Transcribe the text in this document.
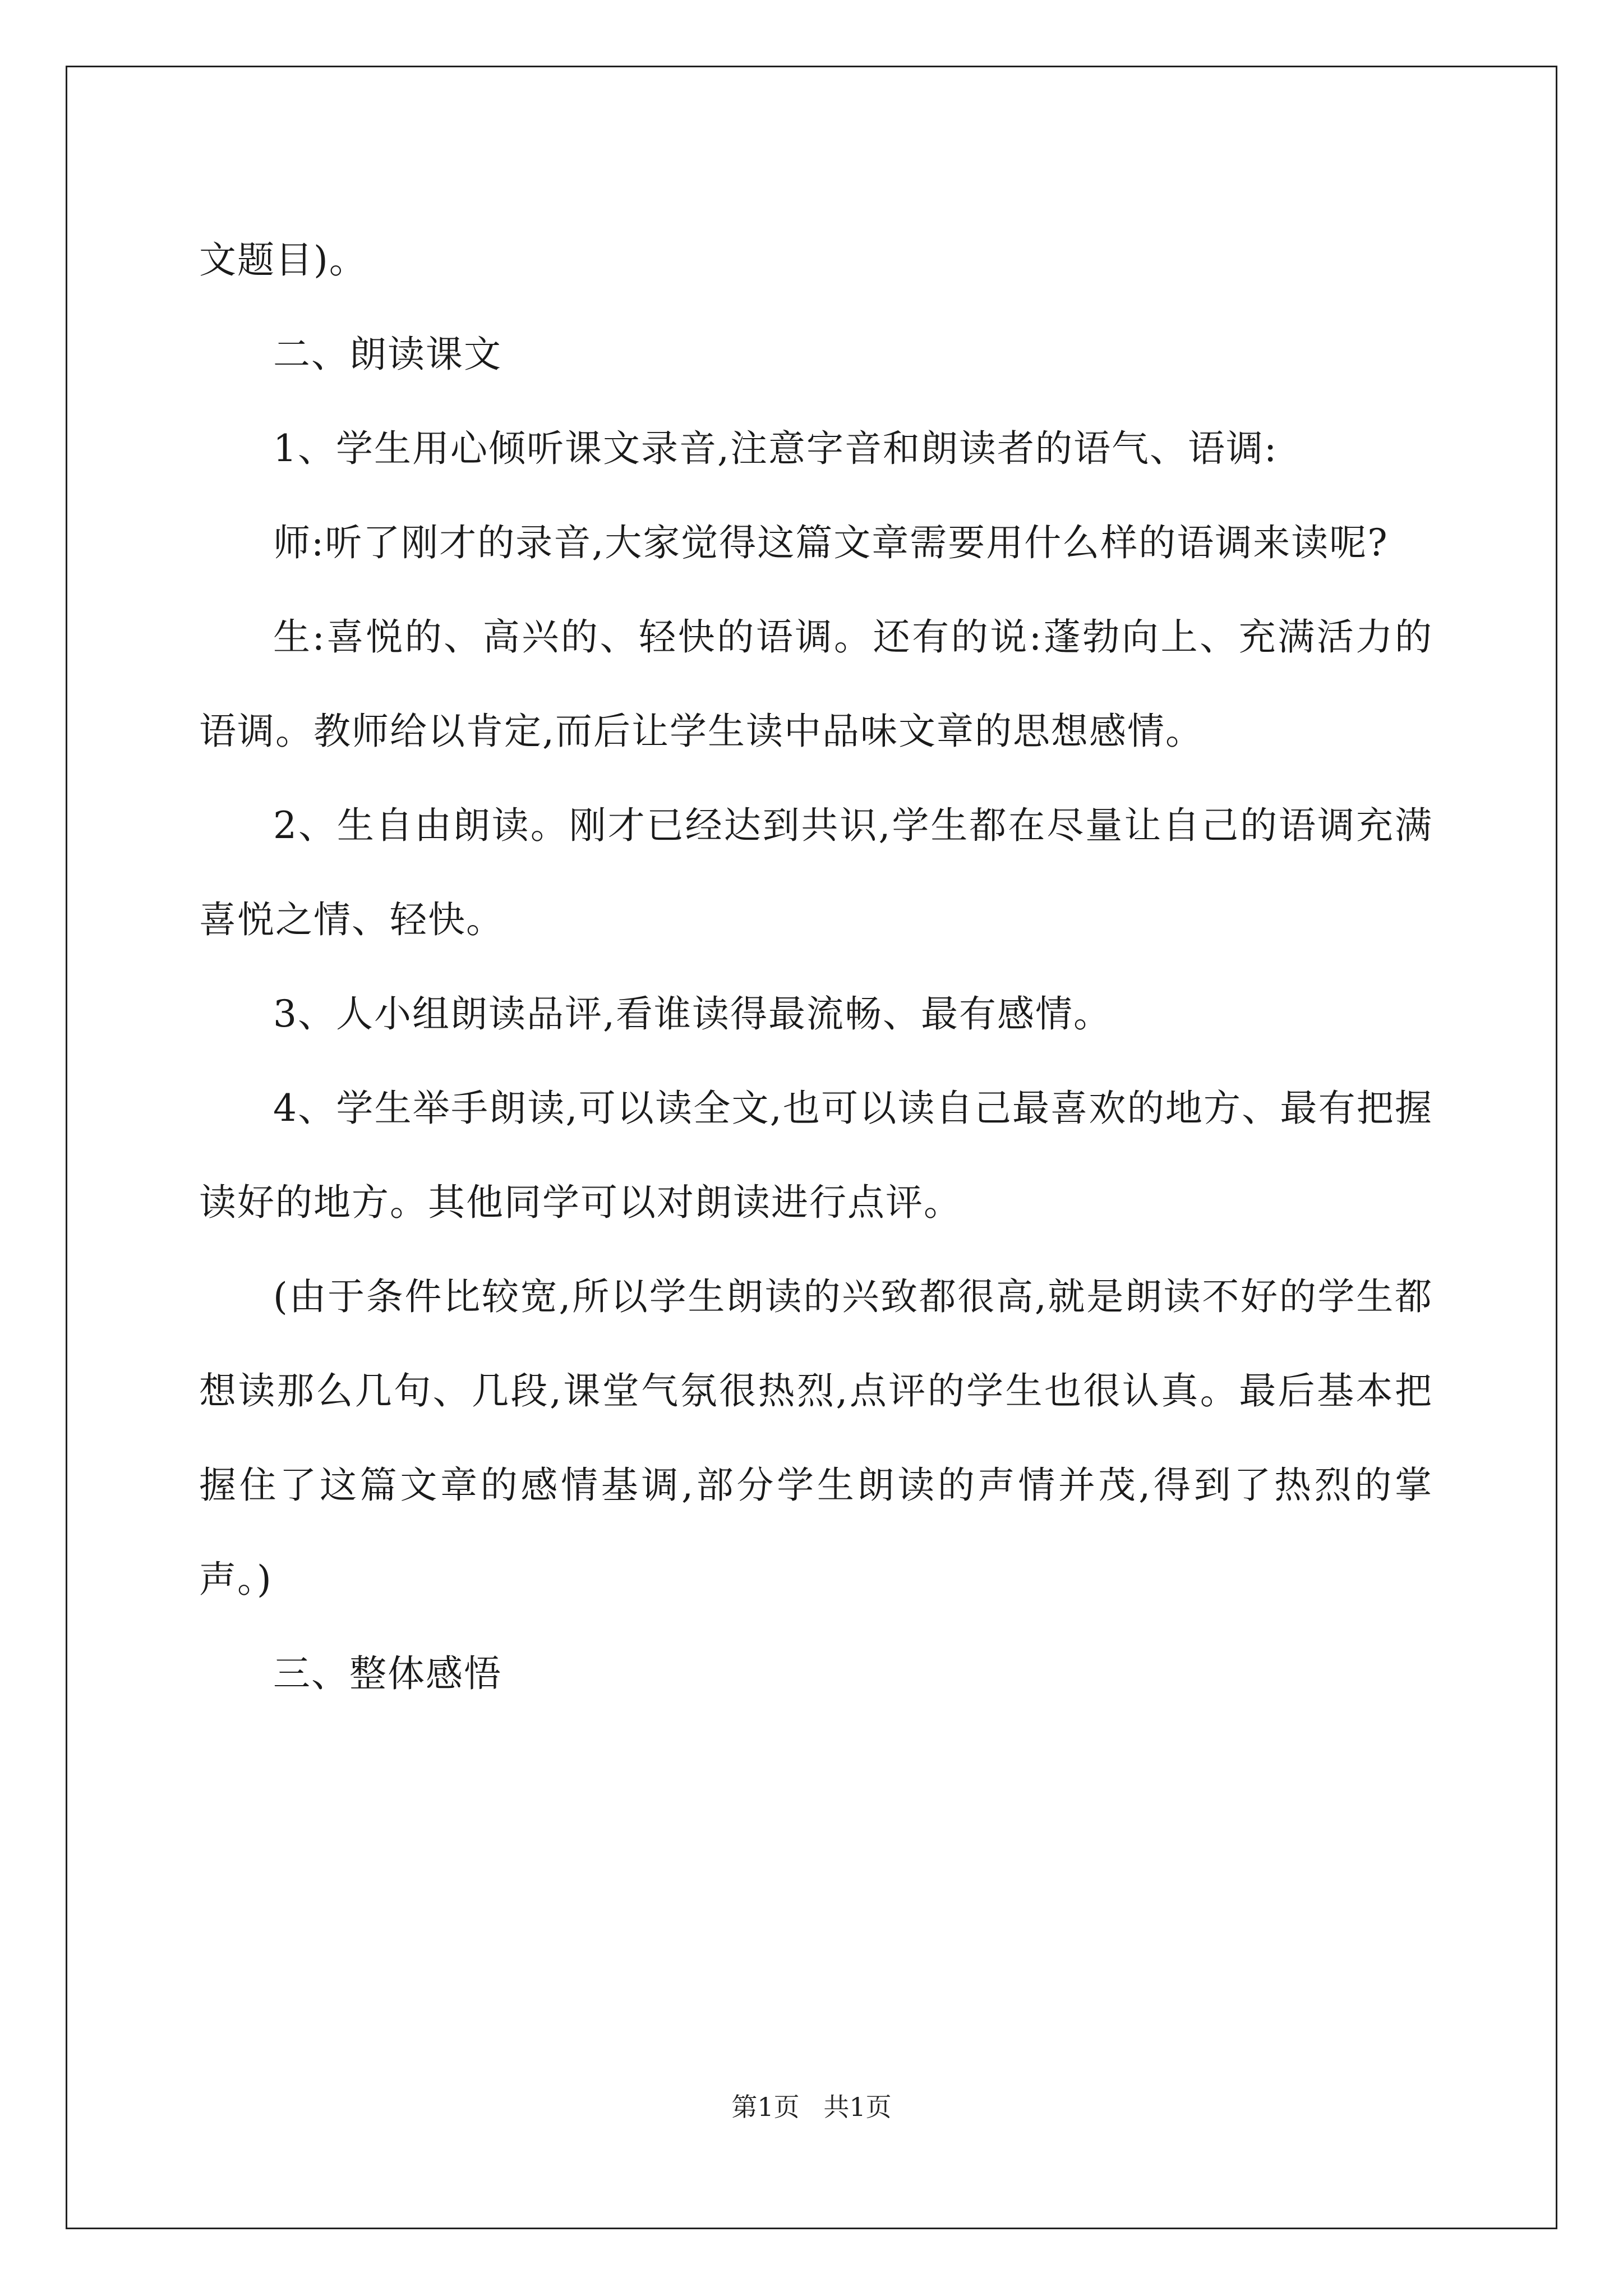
文题目)。

二、朗读课文

1、学生用心倾听课文录音,注意字音和朗读者的语气、语调:

师:听了刚才的录音,大家觉得这篇文章需要用什么样的语调来读呢?

生:喜悦的、高兴的、轻快的语调。还有的说:蓬勃向上、充满活力的语调。教师给以肯定,而后让学生读中品味文章的思想感情。

2、生自由朗读。刚才已经达到共识,学生都在尽量让自己的语调充满喜悦之情、轻快。

3、人小组朗读品评,看谁读得最流畅、最有感情。

4、学生举手朗读,可以读全文,也可以读自己最喜欢的地方、最有把握读好的地方。其他同学可以对朗读进行点评。

(由于条件比较宽,所以学生朗读的兴致都很高,就是朗读不好的学生都想读那么几句、几段,课堂气氛很热烈,点评的学生也很认真。最后基本把握住了这篇文章的感情基调,部分学生朗读的声情并茂,得到了热烈的掌声。)

三、整体感悟

第1页 共1页
